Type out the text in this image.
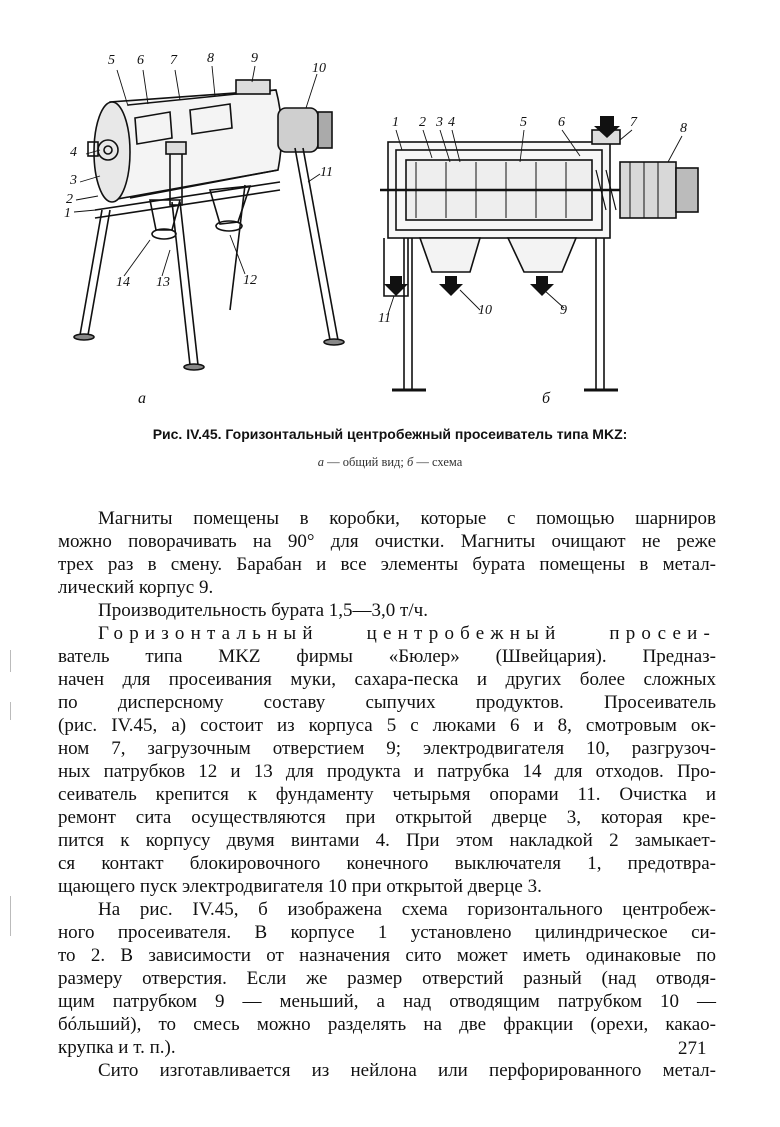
5 6 7 8	9
10
4
3
2
1
11
14 13	12
1 2 3 4	5 6	7	8
11
10	9
а	б
Рис. IV.45. Горизонтальный центробежный просеиватель типа MKZ:
а — общий вид; б — схема
Магниты помещены в коробки, которые с помощью шарниров
можно поворачивать на 90° для очистки. Магниты очищают не реже
трех раз в смену. Барабан и все элементы бурата помещены в метал-
лический корпус 9.
Производительность бурата 1,5—3,0 т/ч.
Горизонтальный центробежный просеи-
ватель типа MKZ фирмы «Бюлер» (Швейцария). Предназ-
начен для просеивания муки, сахара-песка и других более сложных
по дисперсному составу сыпучих продуктов. Просеиватель
(рис. IV.45, а) состоит из корпуса 5 с люками 6 и 8, смотровым ок-
ном 7, загрузочным отверстием 9; электродвигателя 10, разгрузоч-
ных патрубков 12 и 13 для продукта и патрубка 14 для отходов. Про-
сеиватель крепится к фундаменту четырьмя опорами 11. Очистка и
ремонт сита осуществляются при открытой дверце 3, которая кре-
пится к корпусу двумя винтами 4. При этом накладкой 2 замыкает-
ся контакт блокировочного конечного выключателя 1, предотвра-
щающего пуск электродвигателя 10 при открытой дверце 3.
На рис. IV.45, б изображена схема горизонтального центробеж-
ного просеивателя. В корпусе 1 установлено цилиндрическое си-
то 2. В зависимости от назначения сито может иметь одинаковые по
размеру отверстия. Если же размер отверстий разный (над отводя-
щим патрубком 9 — меньший, а над отводящим патрубком 10 —
бóльший), то смесь можно разделять на две фракции (орехи, какао-
крупка и т. п.).
Сито изготавливается из нейлона или перфорированного метал-
271
